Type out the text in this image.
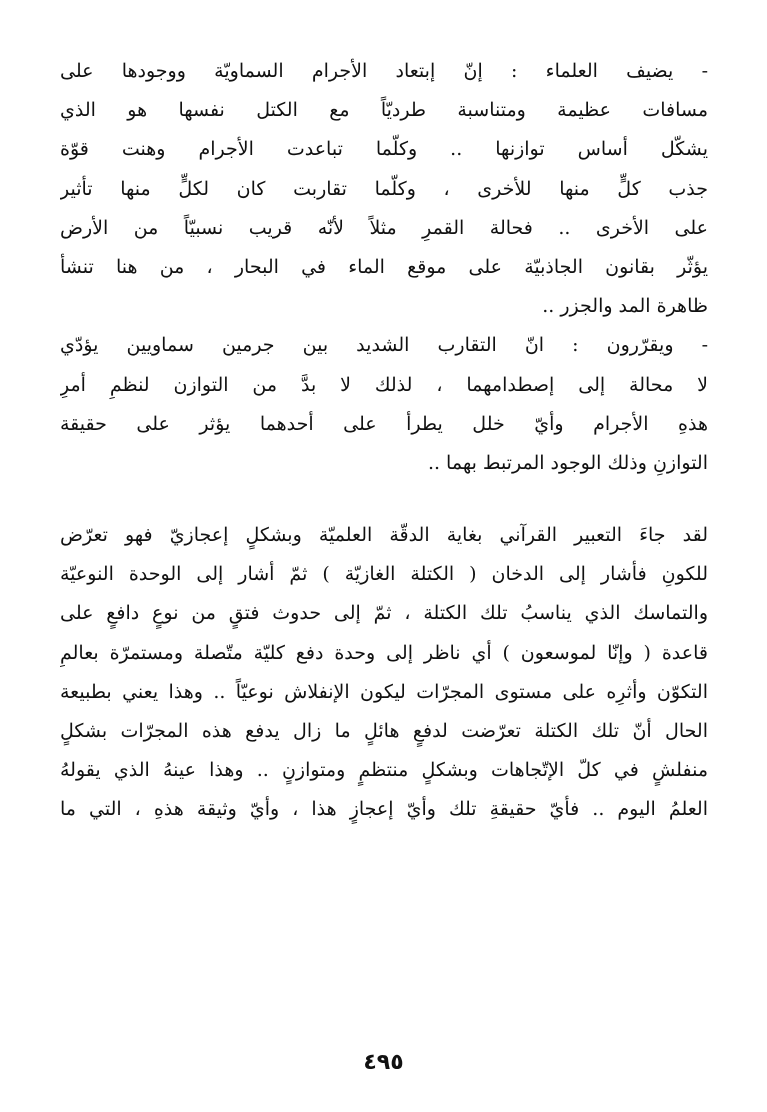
- يضيف العلماء : إنّ إبتعاد الأجرام السماويّة ووجودها على
مسافات عظيمة ومتناسبة طرديّاً مع الكتل نفسها هو الذي
يشكّل أساس توازنها .. وكلّما تباعدت الأجرام وهنت قوّة
جذب كلٍّ منها للأخرى ، وكلّما تقاربت كان لكلٍّ منها تأثير
على الأخرى .. فحالة القمرِ مثلاً لأنّه قريب نسبيّاً من الأرض
يؤثّر بقانون الجاذبيّة على موقع الماء في البحار ، من هنا تنشأ
ظاهرة المد والجزر ..
- ويقرّرون : انّ التقارب الشديد بين جرمين سماويين يؤدّي
لا محالة إلى إصطدامهما ، لذلك لا بدَّ من التوازن لنظمِ أمرِ
هذهِ الأجرام وأيّ خلل يطرأ على أحدهما يؤثر على حقيقة
التوازنِ وذلك الوجود المرتبط بهما ..
لقد جاءَ التعبير القرآني بغاية الدقّة العلميّة وبشكلٍ إعجازيّ فهو تعرّض
للكونِ فأشار إلى الدخان ( الكتلة الغازيّة ) ثمّ أشار إلى الوحدة النوعيّة
والتماسك الذي يناسبُ تلك الكتلة ، ثمّ إلى حدوث فتقٍ من نوعٍ دافعٍ على
قاعدة ( وإنّا لموسعون ) أي ناظر إلى وحدة دفع كليّة متّصلة ومستمرّة بعالمِ
التكوّن وأثرِه على مستوى المجرّات ليكون الإنفلاش نوعيّاً .. وهذا يعني بطبيعة
الحال أنّ تلك الكتلة تعرّضت لدفعٍ هائلٍ ما زال يدفع هذه المجرّات بشكلٍ
منفلشٍ في كلّ الإتّجاهات وبشكلٍ منتظمٍ ومتوازنٍ .. وهذا عينهُ الذي يقولهُ
العلمُ اليوم .. فأيّ حقيقةِ تلك وأيّ إعجازٍ هذا ، وأيّ وثيقة هذهِ ، التي ما
٤٩٥
